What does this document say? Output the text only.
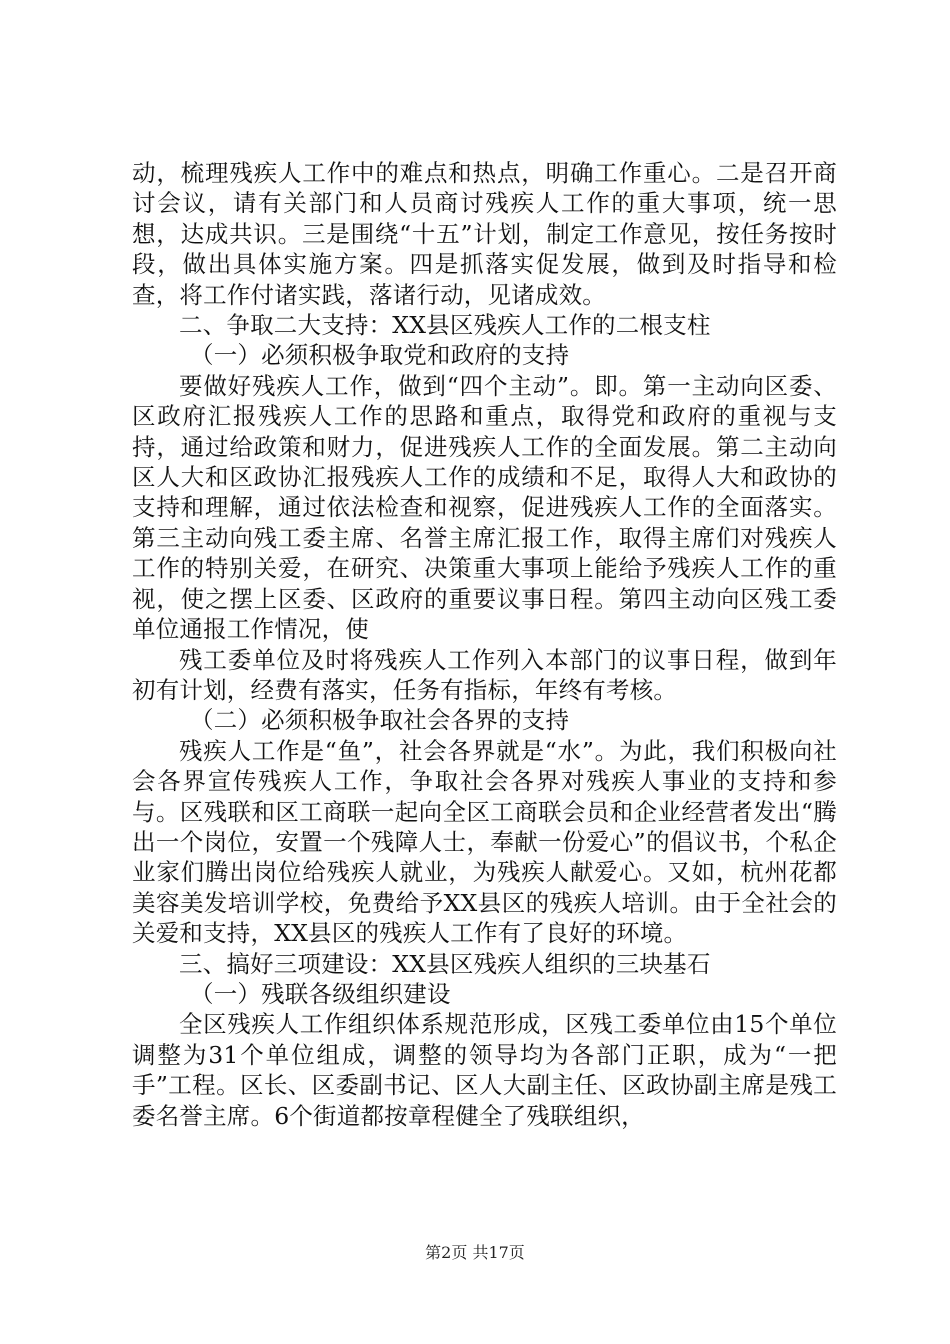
动，梳理残疾人工作中的难点和热点，明确工作重心。二是召开商讨会议，请有关部门和人员商讨残疾人工作的重大事项，统一思想，达成共识。三是围绕“十五”计划，制定工作意见，按任务按时段，做出具体实施方案。四是抓落实促发展，做到及时指导和检查，将工作付诸实践，落诸行动，见诸成效。

二、争取二大支持：XX县区残疾人工作的二根支柱

（一）必须积极争取党和政府的支持

要做好残疾人工作，做到“四个主动”。即。第一主动向区委、区政府汇报残疾人工作的思路和重点，取得党和政府的重视与支持，通过给政策和财力，促进残疾人工作的全面发展。第二主动向区人大和区政协汇报残疾人工作的成绩和不足，取得人大和政协的支持和理解，通过依法检查和视察，促进残疾人工作的全面落实。第三主动向残工委主席、名誉主席汇报工作，取得主席们对残疾人工作的特别关爱，在研究、决策重大事项上能给予残疾人工作的重视，使之摆上区委、区政府的重要议事日程。第四主动向区残工委单位通报工作情况，使

残工委单位及时将残疾人工作列入本部门的议事日程，做到年初有计划，经费有落实，任务有指标，年终有考核。

（二）必须积极争取社会各界的支持

残疾人工作是“鱼”，社会各界就是“水”。为此，我们积极向社会各界宣传残疾人工作，争取社会各界对残疾人事业的支持和参与。区残联和区工商联一起向全区工商联会员和企业经营者发出“腾出一个岗位，安置一个残障人士，奉献一份爱心”的倡议书，个私企业家们腾出岗位给残疾人就业，为残疾人献爱心。又如，杭州花都美容美发培训学校，免费给予XX县区的残疾人培训。由于全社会的关爱和支持，XX县区的残疾人工作有了良好的环境。

三、搞好三项建设：XX县区残疾人组织的三块基石

（一）残联各级组织建设

全区残疾人工作组织体系规范形成，区残工委单位由15个单位调整为31个单位组成，调整的领导均为各部门正职，成为“一把手”工程。区长、区委副书记、区人大副主任、区政协副主席是残工委名誉主席。6个街道都按章程健全了残联组织，

第2页 共17页
